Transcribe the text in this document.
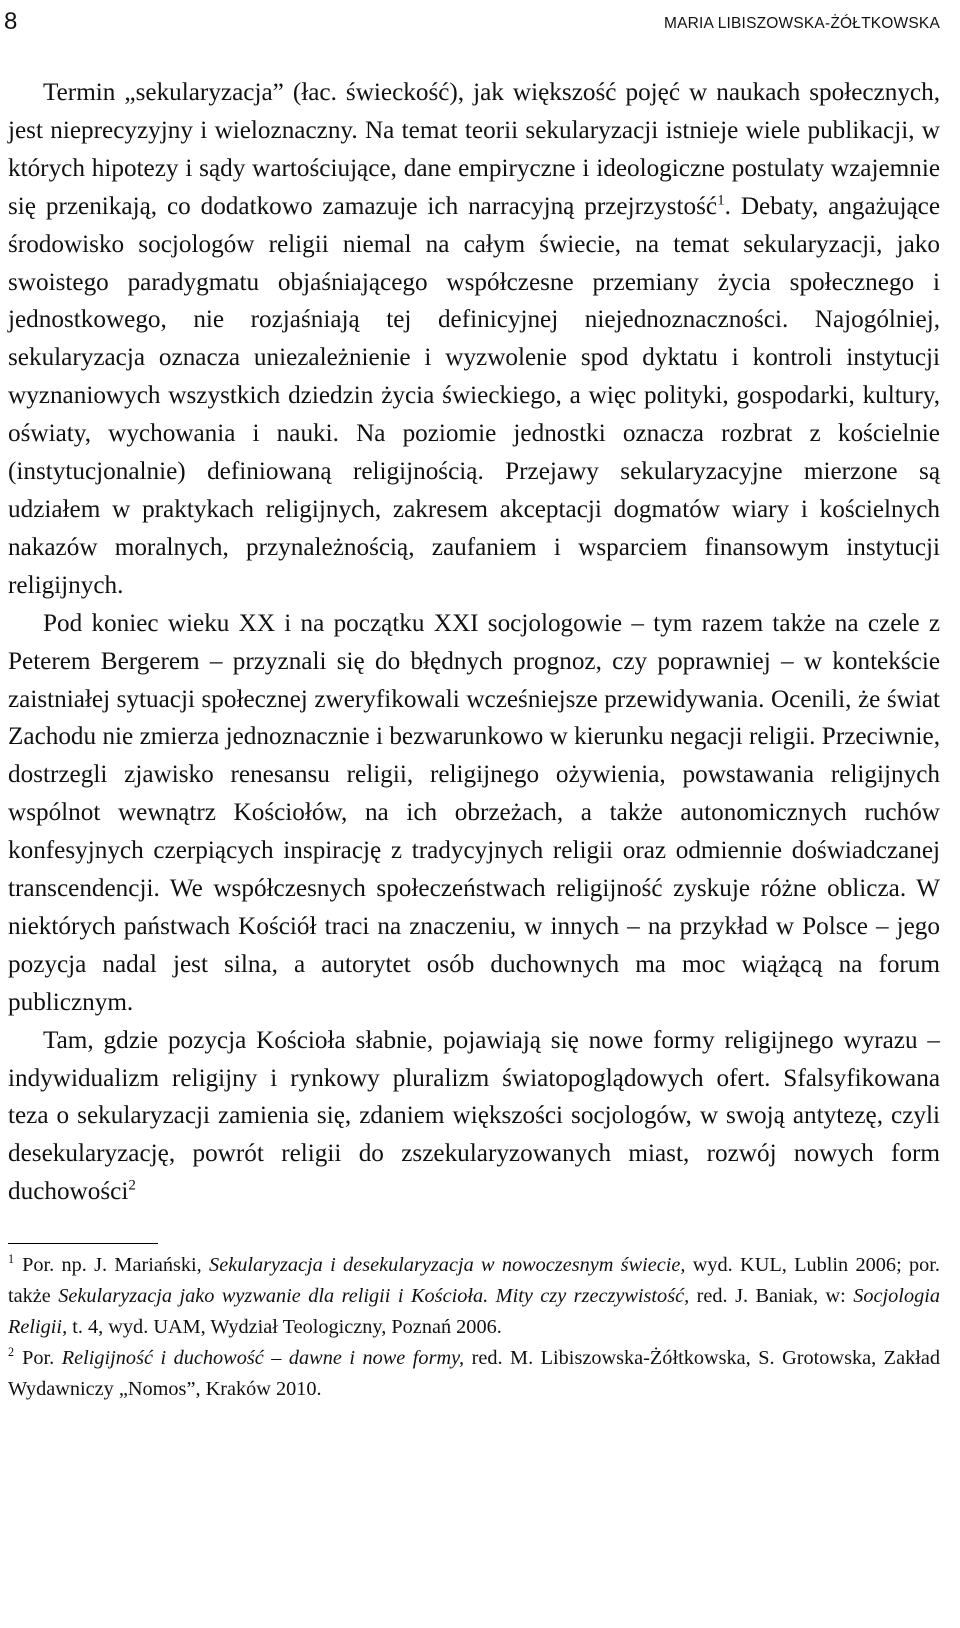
8	MARIA LIBISZOWSKA-ŻÓŁTKOWSKA

Termin „sekularyzacja” (łac. świeckość), jak większość pojęć w naukach społecznych, jest nieprecyzyjny i wieloznaczny. Na temat teorii sekularyzacji istnieje wiele publikacji, w których hipotezy i sądy wartościujące, dane empiryczne i ideologiczne postulaty wzajemnie się przenikają, co dodatkowo zamazuje ich narracyjną przejrzystość$^1$. Debaty, angażujące środowisko socjologów religii niemal na całym świecie, na temat sekularyzacji, jako swoistego paradygmatu objaśniającego współczesne przemiany życia społecznego i jednostkowego, nie rozjaśniają tej definicyjnej niejednoznaczności. Najogólniej, sekularyzacja oznacza uniezależnienie i wyzwolenie spod dyktatu i kontroli instytucji wyznaniowych wszystkich dziedzin życia świeckiego, a więc polityki, gospodarki, kultury, oświaty, wychowania i nauki. Na poziomie jednostki oznacza rozbrat z kościelnie (instytucjonalnie) definiowaną religijnością. Przejawy sekularyzacyjne mierzone są udziałem w praktykach religijnych, zakresem akceptacji dogmatów wiary i kościelnych nakazów moralnych, przynależnością, zaufaniem i wsparciem finansowym instytucji religijnych.

Pod koniec wieku XX i na początku XXI socjologowie – tym razem także na czele z Peterem Bergerem – przyznali się do błędnych prognoz, czy poprawniej – w kontekście zaistniałej sytuacji społecznej zweryfikowali wcześniejsze przewidywania. Ocenili, że świat Zachodu nie zmierza jednoznacznie i bezwarunkowo w kierunku negacji religii. Przeciwnie, dostrzegli zjawisko renesansu religii, religijnego ożywienia, powstawania religijnych wspólnot wewnątrz Kościołów, na ich obrzeżach, a także autonomicznych ruchów konfesyjnych czerpiących inspirację z tradycyjnych religii oraz odmiennie doświadczanej transcendencji. We współczesnych społeczeństwach religijność zyskuje różne oblicza. W niektórych państwach Kościół traci na znaczeniu, w innych – na przykład w Polsce – jego pozycja nadal jest silna, a autorytet osób duchownych ma moc wiążącą na forum publicznym.

Tam, gdzie pozycja Kościoła słabnie, pojawiają się nowe formy religijnego wyrazu – indywidualizm religijny i rynkowy pluralizm światopoglądowych ofert. Sfalsyfikowana teza o sekularyzacji zamienia się, zdaniem większości socjologów, w swoją antytezę, czyli desekularyzację, powrót religii do zszekularyzowanych miast, rozwój nowych form duchowości$^2$

$^1$ Por. np. J. Mariański, Sekularyzacja i desekularyzacja w nowoczesnym świecie, wyd. KUL, Lublin 2006; por. także Sekularyzacja jako wyzwanie dla religii i Kościoła. Mity czy rzeczywistość, red. J. Baniak, w: Socjologia Religii, t. 4, wyd. UAM, Wydział Teologiczny, Poznań 2006.

$^2$ Por. Religijność i duchowość – dawne i nowe formy, red. M. Libiszowska-Żółtkowska, S. Grotowska, Zakład Wydawniczy „Nomos”, Kraków 2010.
